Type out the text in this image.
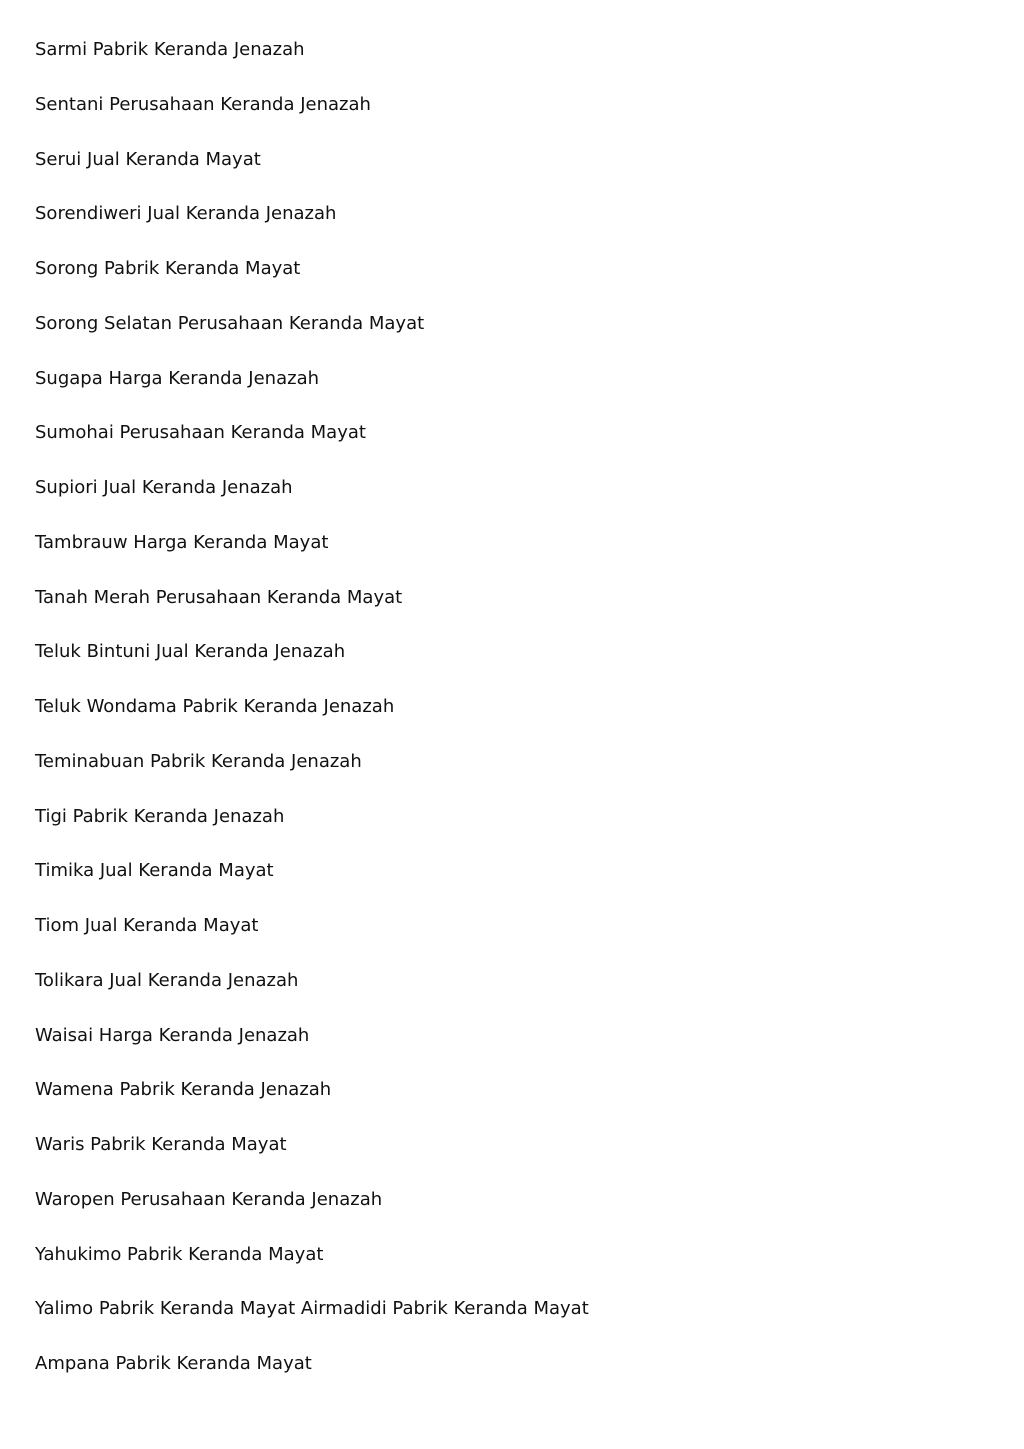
Sarmi Pabrik Keranda Jenazah
Sentani Perusahaan Keranda Jenazah
Serui Jual Keranda Mayat
Sorendiweri Jual Keranda Jenazah
Sorong Pabrik Keranda Mayat
Sorong Selatan Perusahaan Keranda Mayat
Sugapa Harga Keranda Jenazah
Sumohai Perusahaan Keranda Mayat
Supiori Jual Keranda Jenazah
Tambrauw Harga Keranda Mayat
Tanah Merah Perusahaan Keranda Mayat
Teluk Bintuni Jual Keranda Jenazah
Teluk Wondama Pabrik Keranda Jenazah
Teminabuan Pabrik Keranda Jenazah
Tigi Pabrik Keranda Jenazah
Timika Jual Keranda Mayat
Tiom Jual Keranda Mayat
Tolikara Jual Keranda Jenazah
Waisai Harga Keranda Jenazah
Wamena Pabrik Keranda Jenazah
Waris Pabrik Keranda Mayat
Waropen Perusahaan Keranda Jenazah
Yahukimo Pabrik Keranda Mayat
Yalimo Pabrik Keranda Mayat Airmadidi Pabrik Keranda Mayat
Ampana Pabrik Keranda Mayat
